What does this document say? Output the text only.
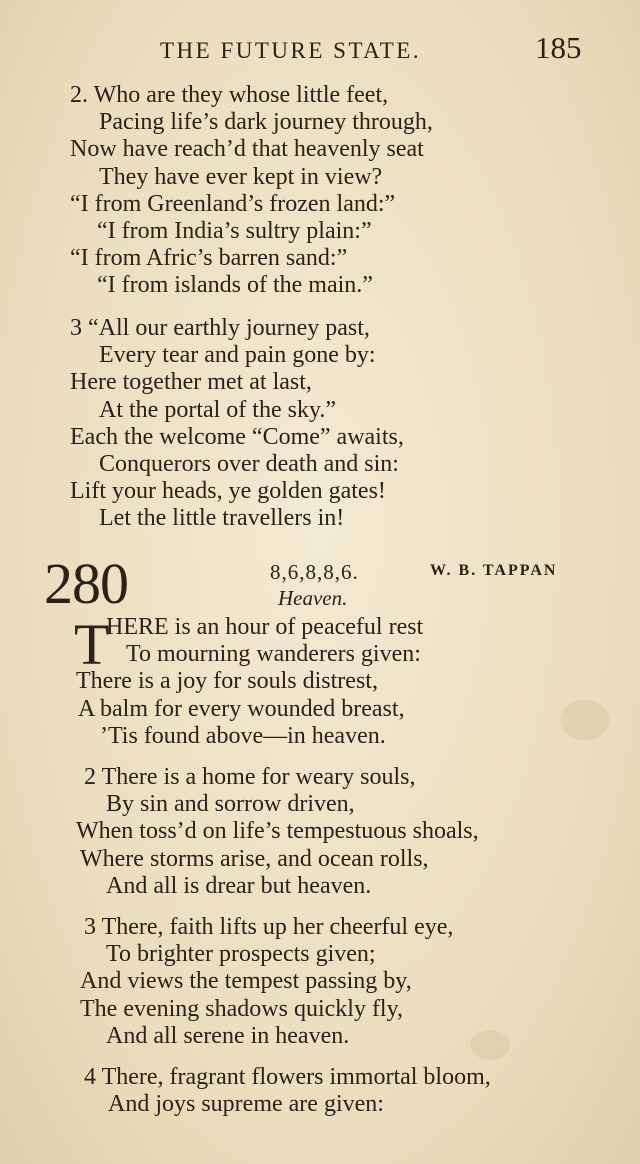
THE FUTURE STATE.	185
2. Who are they whose little feet,
Pacing life’s dark journey through,
Now have reach’d that heavenly seat
They have ever kept in view?
“I from Greenland’s frozen land:”
“I from India’s sultry plain:”
“I from Afric’s barren sand:”
“I from islands of the main.”
3 “All our earthly journey past,
Every tear and pain gone by:
Here together met at last,
At the portal of the sky.”
Each the welcome “Come” awaits,
Conquerors over death and sin:
Lift your heads, ye golden gates!
Let the little travellers in!
280	8,6,8,8,6.	W. B. TAPPAN
Heaven.
T
HERE is an hour of peaceful rest
To mourning wanderers given:
There is a joy for souls distrest,
A balm for every wounded breast,
’Tis found above—in heaven.
2 There is a home for weary souls,
By sin and sorrow driven,
When toss’d on life’s tempestuous shoals,
Where storms arise, and ocean rolls,
And all is drear but heaven.
3 There, faith lifts up her cheerful eye,
To brighter prospects given;
And views the tempest passing by,
The evening shadows quickly fly,
And all serene in heaven.
4 There, fragrant flowers immortal bloom,
And joys supreme are given:
